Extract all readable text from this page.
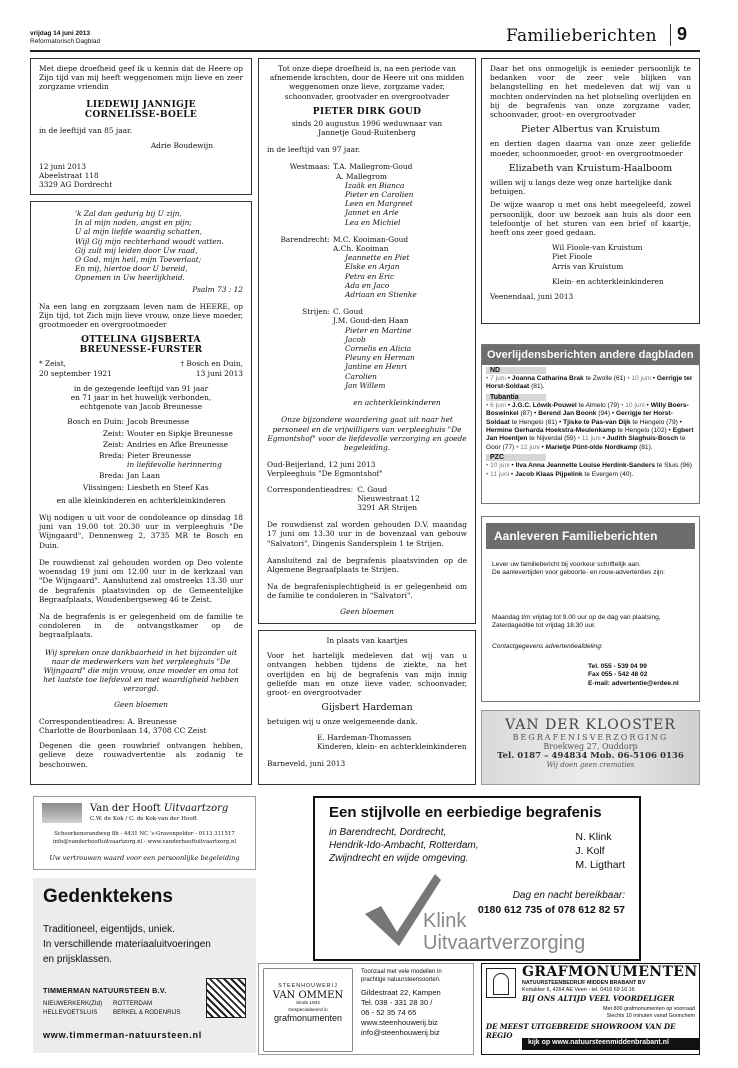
vrijdag 14 juni 2013
Reformatorisch Dagblad	Familieberichten	9

Met diepe droefheid geef ik u kennis dat de Heere op Zijn tijd van mij heeft weggenomen mijn lieve en zeer zorgzame vriendin

LIEDEWIJ JANNIGJE
CORNELISSE-BOELE

in de leeftijd van 85 jaar.

Adrie Boudewijn

12 juni 2013
Abeelstraat 118
3329 AG Dordrecht
'k Zal dan gedurig bij U zijn,
In al mijn noden, angst en pijn;
U al mijn liefde waardig schatten,
Wijl Gij mijn rechterhand woudt vatten.
Gij zult mij leiden door Uw raad,
O God, mijn heil, mijn Toeverlaat;
En mij, hiertoe door U bereid,
Opnemen in Uw heerlijkheid.

Psalm 73 : 12

Na een lang en zorgzaam leven nam de HEERE, op Zijn tijd, tot Zich mijn lieve vrouw, onze lieve moeder, grootmoeder en overgrootmoeder

OTTELINA GIJSBERTA
BREUNESSE-FURSTER
* Zeist,
20 september 1921
† Bosch en Duin,
13 juni 2013
in de gezegende leeftijd van 91 jaar
en 71 jaar in het huwelijk verbonden,
echtgenote van Jacob Breunesse
Bosch en Duin: Jacob Breunesse
Zeist: Wouter en Sipkje Breunesse
Zeist: Andries en Afke Breunesse
Breda: Pieter Breunesse
in liefdevolle herinnering
Breda: Jan Laan
Vlissingen: Liesbeth en Steef Kas

en alle kleinkinderen en achterkleinkinderen

Wij nodigen u uit voor de condoleance op dinsdag 18 juni van 19.00 tot 20.30 uur in verpleeghuis "De Wijngaard", Dennenweg 2, 3735 MR te Bosch en Duin.

De rouwdienst zal gehouden worden op Deo volente woensdag 19 juni om 12.00 uur in de kerkzaal van "De Wijngaard". Aansluitend zal omstreeks 13.30 uur de begrafenis plaatsvinden op de Gemeentelijke Begraafplaats, Woudenbergseweg 46 te Zeist.

Na de begrafenis is er gelegenheid om de familie te condoleren in de ontvangstkamer op de begraafplaats.

Wij spreken onze dankbaarheid in het bijzonder uit naar de medewerkers van het verpleeghuis "De Wijngaard" die mijn vrouw, onze moeder en oma tot het laatste toe liefdevol en met waardigheid hebben verzorgd.

Geen bloemen

Correspondentieadres: A. Breunesse
Charlotte de Bourbonlaan 14, 3708 CC Zeist

Degenen die geen rouwbrief ontvangen hebben, gelieve deze rouwadvertentie als zodanig te beschouwen.

Tot onze diepe droefheid is, na een periode van afnemende krachten, door de Heere uit ons midden weggenomen onze lieve, zorgzame vader, schoonvader, grootvader en overgrootvader

PIETER DIRK GOUD
sinds 20 augustus 1996 weduwnaar van
Jannetje Goud-Ruitenberg

in de leeftijd van 97 jaar.

Westmaas: T.A. Mallegrom-Goud
A. Mallegrom
Izaäk en Bianca
Pieter en Carolien
Leen en Margreet
Jannet en Arie
Lea en Michiel
Barendrecht: M.C. Kooiman-Goud
A.Ch. Kooiman
Jeannette en Piet
Elske en Arjan
Petra en Eric
Ada en Jaco
Adriaan en Stienke
Strijen: C. Goud
J.M. Goud-den Haan
Pieter en Martine
Jacob
Cornelis en Alicia
Pleuny en Herman
Jantine en Henri
Carolien
Jan Willem

en achterkleinkinderen

Onze bijzondere waardering gaat uit naar het personeel en de vrijwilligers van verpleeghuis "De Egmontshof" voor de liefdevolle verzorging en goede begeleiding.

Oud-Beijerland, 12 juni 2013
Verpleeghuis "De Egmontshof"
Correspondentieadres: C. Goud
Nieuwestraat 12
3291 AR Strijen

De rouwdienst zal worden gehouden D.V. maandag 17 juni om 13.30 uur in de bovenzaal van gebouw "Salvatori", Dingenis Sandersplein 1 te Strijen.

Aansluitend zal de begrafenis plaatsvinden op de Algemene Begraafplaats te Strijen.

Na de begrafenisplechtigheid is er gelegenheid om de familie te condoleren in "Salvatori".

Geen bloemen

In plaats van kaartjes

Voor het hartelijk medeleven dat wij van u ontvangen hebben tijdens de ziekte, na het overlijden en bij de begrafenis van mijn innig geliefde man en onze lieve vader, schoonvader, groot- en overgrootvader

Gijsbert Hardeman

betuigen wij u onze welgemeende dank.

E. Hardeman-Thomassen
Kinderen, klein- en achterkleinkinderen

Barneveld, juni 2013

Daar het ons onmogelijk is eenieder persoonlijk te bedanken voor de zeer vele blijken van belangstelling en het medeleven dat wij van u mochten ondervinden na het plotseling overlijden en bij de begrafenis van onze zorgzame vader, schoonvader, groot- en overgrootvader

Pieter Albertus van Kruistum

en dertien dagen daarna van onze zeer geliefde moeder, schoonmoeder, groot- en overgrootmoeder

Elizabeth van Kruistum-Haalboom

willen wij u langs deze weg onze hartelijke dank betuigen.

De wijze waarop u met ons hebt meegeleefd, zowel persoonlijk, door uw bezoek aan huis als door een telefoontje of het sturen van een brief of kaartje, heeft ons zeer goed gedaan.

Wil Fioole-van Kruistum
Piet Fioole
Arris van Kruistum
Klein- en achterkleinkinderen

Veenendaal, juni 2013

Overlijdensberichten andere dagbladen
ND
• 7 juni • Joanna Catharina Brak te Zwolle (61) • 10 juni • Gerrigje ter Horst-Soldaat (81).
Tubantia
• 6 juni • J.G.C. Löwik-Pouwel te Almelo (79) • 10 juni • Willy Boers-Boswinkel (87) • Berend Jan Boonk (94) • Gerrigje ter Horst-Soldaat te Hengelo (81) • Tjiske te Pas-van Dijk te Hengelo (79) • Hermine Gerharda Hoekstra-Meulenkamp te Hengelo (102) • Egbert Jan Hoentjen te Nijverdal (59) • 11 juni • Judith Slaghuis-Bosch te Goor (77) • 12 juni • Marietje Pünt-olde Nordkamp (81).
PZC
• 10 juni • Ilva Anna Jeannette Louise Herdink-Sanders te Sluis (96) • 11 juni • Jacob Klaas Pijpelink te Evergem (40).
Aanleveren Familieberichten
Lever uw familiebericht bij voorkeur schriftelijk aan.
De aanlevertijden voor geboorte- en rouw-advertenties zijn:
Maandag t/m vrijdag tot 9.00 uur op de dag van plaatsing,
Zaterdageditie tot vrijdag 18.30 uur.
Contactgegevens advertentieafdeling:
Tel. 055 - 539 04 99
Fax 055 - 542 48 02
E-mail: advertentie@erdee.nl
VAN DER KLOOSTER
BEGRAFENISVERZORGING
Broekweg 27, Ouddorp
Tel. 0187 – 494834 Mob. 06-5106 0136
Wij doen geen crematies
Van der Hooft Uitvaartzorg
C.W. de Kok / C. de Kok-van der Hooft
Schoorkensrandweg 8b - 4431 NC 's-Gravenpolder - 0113 311517
info@vanderhooftuitvaartzorg.nl - www.vanderhooftuitvaartzorg.nl
Uw vertrouwen waard voor een persoonlijke begeleiding
Een stijlvolle en eerbiedige begrafenis
in Barendrecht, Dordrecht,
Hendrik-Ido-Ambacht, Rotterdam,
Zwijndrecht en wijde omgeving.
N. Klink
J. Kolf
M. Ligthart
Klink
Uitvaartverzorging
Dag en nacht bereikbaar:
0180 612 735 of 078 612 82 57
Gedenktekens
Traditioneel, eigentijds, uniek.
In verschillende materiaaluitvoeringen
en prijsklassen.
TIMMERMAN NATUURSTEEN B.V.
NIEUWERKERK(ZId) ROTTERDAM
HELLEVOETSLUIS	BERKEL & RODENRIJS
www.timmerman-natuursteen.nl
STEENHOUWERIJ
VAN OMMEN
Sinds 1932
Gespecialiseerd in
grafmonumenten
Toonzaal met vele modellen in
prachtige natuursteensoorten.
Gildestraat 22, Kampen
Tel. 038 - 331 28 30 /
06 - 52 35 74 65
www.steenhouwerij.biz
info@steenhouwerij.biz
GRAFMONUMENTEN
NATUURSTEENBEDRIJF MIDDEN BRABANT BV
Kortakker 6, 4264 AE Veen - tel. 0416 69 16 16
BIJ ONS ALTIJD VEEL VOORDELIGER
Met 800 grafmonumenten op voorraad
Slechts 10 minuten vanaf Gorinchem
DE MEEST UITGEBREIDE SHOWROOM VAN DE REGIO
kijk op www.natuursteenmiddenbrabant.nl
